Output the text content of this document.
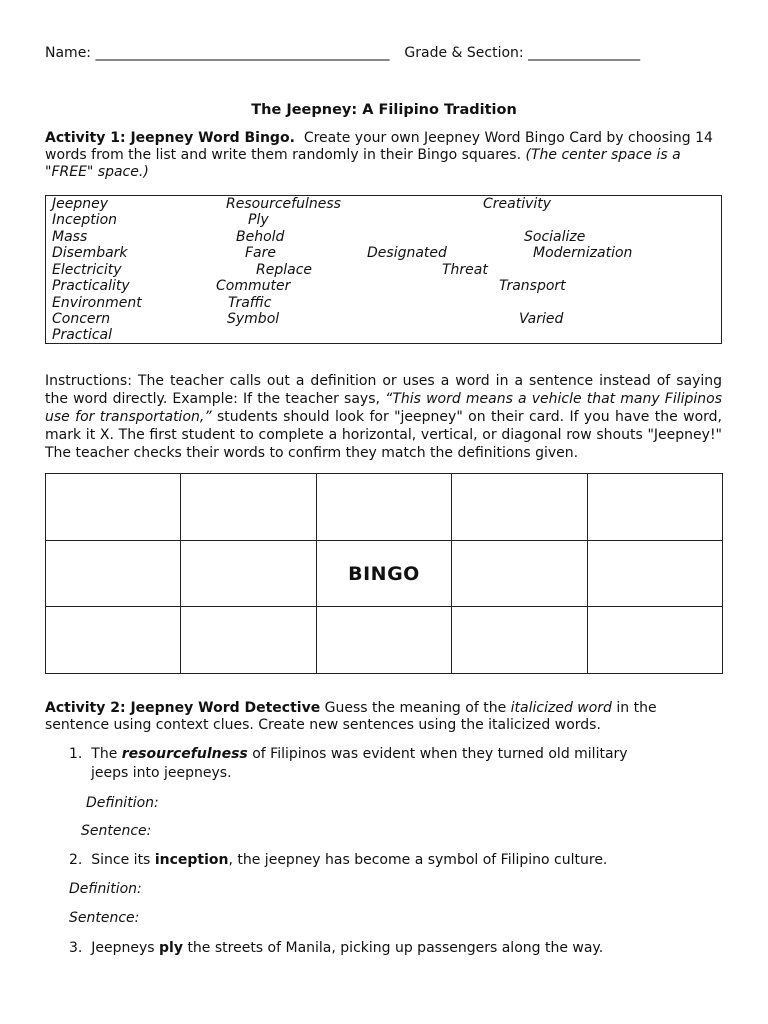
Name: __________________________________________ Grade & Section: ________________
The Jeepney: A Filipino Tradition
Activity 1: Jeepney Word Bingo. Create your own Jeepney Word Bingo Card by choosing 14
words from the list and write them randomly in their Bingo squares. (The center space is a
"FREE" space.)
Jeepney	Resourcefulness	Creativity
Inception	Ply
Mass	Behold	Socialize
Disembark	Fare	Designated	Modernization
Electricity	Replace	Threat
Practicality	Commuter	Transport
Environment	Traffic
Concern	Symbol	Varied
Practical
Instructions: The teacher calls out a definition or uses a word in a sentence instead of saying the word directly. Example: If the teacher says, “This word means a vehicle that many Filipinos use for transportation,” students should look for "jeepney" on their card. If you have the word, mark it X. The first student to complete a horizontal, vertical, or diagonal row shouts "Jeepney!" The teacher checks their words to confirm they match the definitions given.

		BINGO		

Activity 2: Jeepney Word Detective Guess the meaning of the italicized word in the
sentence using context clues. Create new sentences using the italicized words.
1. The resourcefulness of Filipinos was evident when they turned old military
jeeps into jeepneys.
Definition:
Sentence:
2. Since its inception, the jeepney has become a symbol of Filipino culture.
Definition:
Sentence:
3. Jeepneys ply the streets of Manila, picking up passengers along the way.
